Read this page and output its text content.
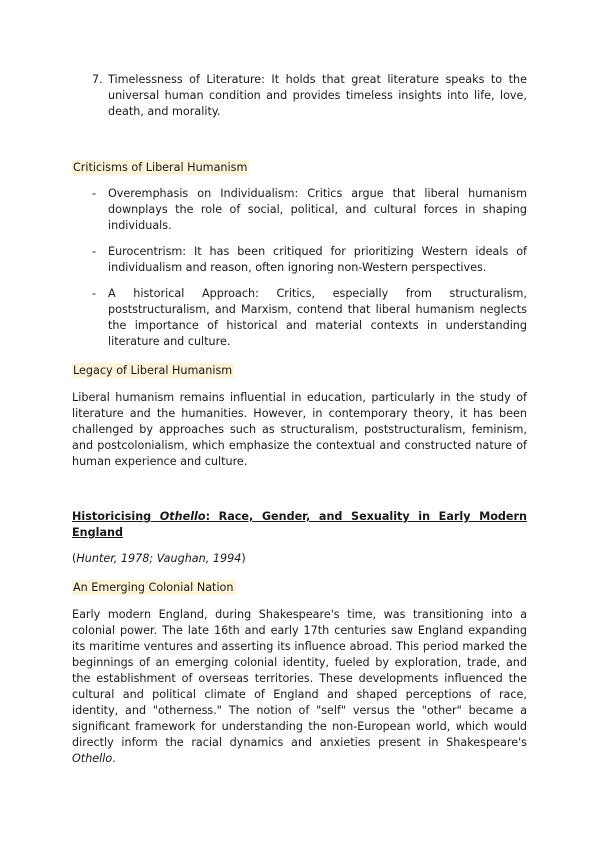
7. Timelessness of Literature: It holds that great literature speaks to the universal human condition and provides timeless insights into life, love, death, and morality.
Criticisms of Liberal Humanism
- Overemphasis on Individualism: Critics argue that liberal humanism downplays the role of social, political, and cultural forces in shaping individuals.
- Eurocentrism: It has been critiqued for prioritizing Western ideals of individualism and reason, often ignoring non-Western perspectives.
- A historical Approach: Critics, especially from structuralism, poststructuralism, and Marxism, contend that liberal humanism neglects the importance of historical and material contexts in understanding literature and culture.
Legacy of Liberal Humanism

Liberal humanism remains influential in education, particularly in the study of literature and the humanities. However, in contemporary theory, it has been challenged by approaches such as structuralism, poststructuralism, feminism, and postcolonialism, which emphasize the contextual and constructed nature of human experience and culture.

Historicising Othello: Race, Gender, and Sexuality in Early Modern England
(Hunter, 1978; Vaughan, 1994)
An Emerging Colonial Nation

Early modern England, during Shakespeare's time, was transitioning into a colonial power. The late 16th and early 17th centuries saw England expanding its maritime ventures and asserting its influence abroad. This period marked the beginnings of an emerging colonial identity, fueled by exploration, trade, and the establishment of overseas territories. These developments influenced the cultural and political climate of England and shaped perceptions of race, identity, and "otherness." The notion of "self" versus the "other" became a significant framework for understanding the non-European world, which would directly inform the racial dynamics and anxieties present in Shakespeare's Othello.
